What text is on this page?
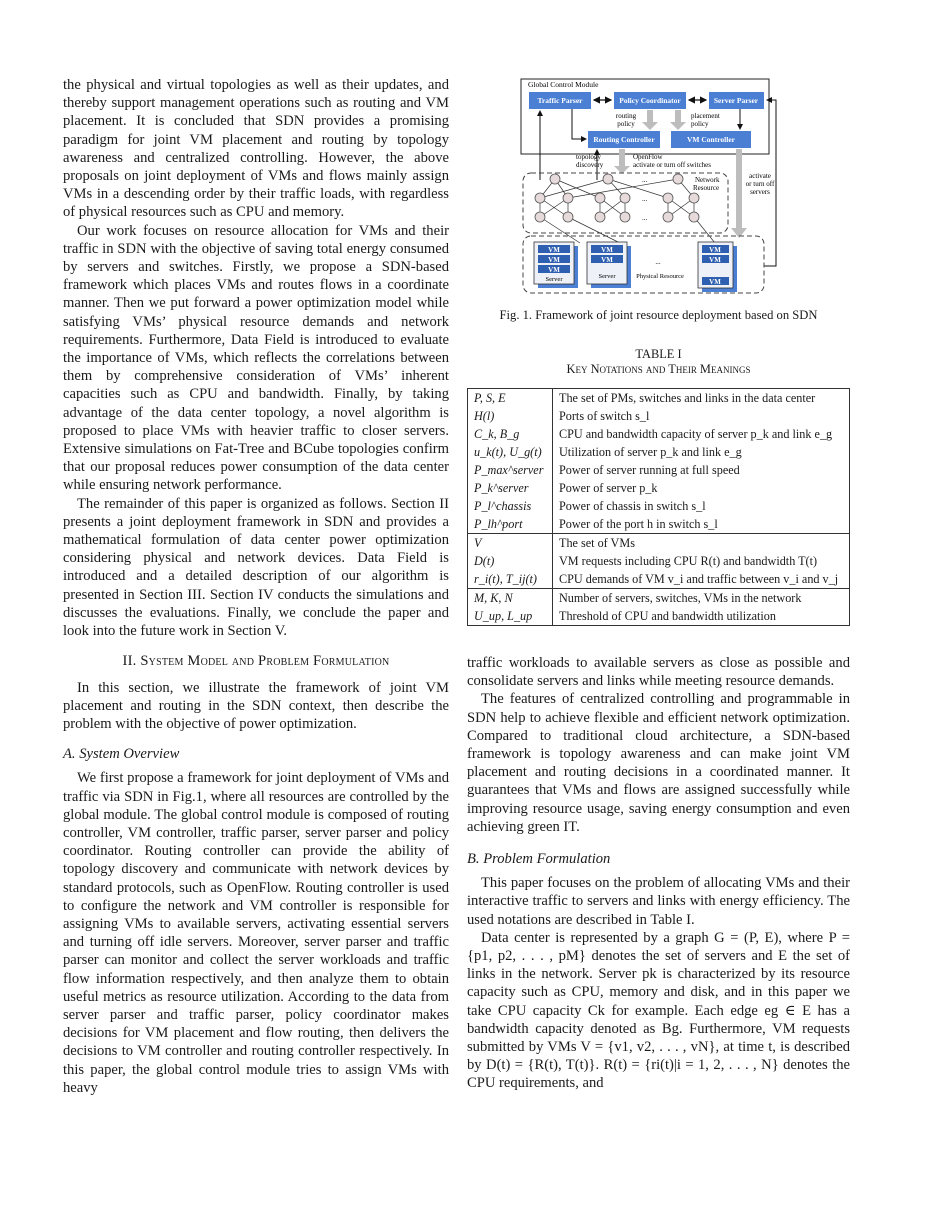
the physical and virtual topologies as well as their updates, and thereby support management operations such as routing and VM placement. It is concluded that SDN provides a promising paradigm for joint VM placement and routing by topology awareness and centralized controlling. However, the above proposals on joint deployment of VMs and flows mainly assign VMs in a descending order by their traffic loads, with regardless of physical resources such as CPU and memory.

Our work focuses on resource allocation for VMs and their traffic in SDN with the objective of saving total energy consumed by servers and switches. Firstly, we propose a SDN-based framework which places VMs and routes flows in a coordinate manner. Then we put forward a power optimization model while satisfying VMs’ physical resource demands and network requirements. Furthermore, Data Field is introduced to evaluate the importance of VMs, which reflects the correlations between them by comprehensive consideration of VMs’ inherent capacities such as CPU and bandwidth. Finally, by taking advantage of the data center topology, a novel algorithm is proposed to place VMs with heavier traffic to closer servers. Extensive simulations on Fat-Tree and BCube topologies confirm that our proposal reduces power consumption of the data center while ensuring network performance.

The remainder of this paper is organized as follows. Section II presents a joint deployment framework in SDN and provides a mathematical formulation of data center power optimization considering physical and network devices. Data Field is introduced and a detailed description of our algorithm is presented in Section III. Section IV conducts the simulations and discusses the evaluations. Finally, we conclude the paper and look into the future work in Section V.

II. System Model and Problem Formulation

In this section, we illustrate the framework of joint VM placement and routing in the SDN context, then describe the problem with the objective of power optimization.

A. System Overview

We first propose a framework for joint deployment of VMs and traffic via SDN in Fig.1, where all resources are controlled by the global module. The global control module is composed of routing controller, VM controller, traffic parser, server parser and policy coordinator. Routing controller can provide the ability of topology discovery and communicate with network devices by standard protocols, such as OpenFlow. Routing controller is used to configure the network and VM controller is responsible for assigning VMs to available servers, activating essential servers and turning off idle servers. Moreover, server parser and traffic parser can monitor and collect the server workloads and traffic flow information respectively, and then analyze them to obtain useful metrics as resource utilization. According to the data from server parser and traffic parser, policy coordinator makes decisions for VM placement and flow routing, then delivers the decisions to VM controller and routing controller respectively. In this paper, the global control module tries to assign VMs with heavy

Global Control Module
Traffic Parser	Policy Coordinator	Server Parser
Routing Controller	VM Controller
routing
policy
placement
policy
topology
discovery
OpenFlow
activate or turn off switches
activate
or turn off
servers
Network
Resource
...
...
...
VM
VM
VM
Server
VM
VM
Server
...
Physical Resource
VM
VM
VM
Fig. 1. Framework of joint resource deployment based on SDN
TABLE I
Key Notations and Their Meanings
P, S, E	The set of PMs, switches and links in the data center
H(l)	Ports of switch s_l
C_k, B_g	CPU and bandwidth capacity of server p_k and link e_g
u_k(t), U_g(t)	Utilization of server p_k and link e_g
P_max^server	Power of server running at full speed
P_k^server	Power of server p_k
P_l^chassis	Power of chassis in switch s_l
P_lh^port	Power of the port h in switch s_l
V	The set of VMs
D(t)	VM requests including CPU R(t) and bandwidth T(t)
r_i(t), T_ij(t)	CPU demands of VM v_i and traffic between v_i and v_j
M, K, N	Number of servers, switches, VMs in the network
U_up, L_up	Threshold of CPU and bandwidth utilization

traffic workloads to available servers as close as possible and consolidate servers and links while meeting resource demands.

The features of centralized controlling and programmable in SDN help to achieve flexible and efficient network optimization. Compared to traditional cloud architecture, a SDN-based framework is topology awareness and can make joint VM placement and routing decisions in a coordinated manner. It guarantees that VMs and flows are assigned successfully while improving resource usage, saving energy consumption and even achieving green IT.

B. Problem Formulation

This paper focuses on the problem of allocating VMs and their interactive traffic to servers and links with energy efficiency. The used notations are described in Table I.

Data center is represented by a graph G = (P, E), where P = {p1, p2, . . . , pM} denotes the set of servers and E the set of links in the network. Server pk is characterized by its resource capacity such as CPU, memory and disk, and in this paper we take CPU capacity Ck for example. Each edge eg ∈ E has a bandwidth capacity denoted as Bg. Furthermore, VM requests submitted by VMs V = {v1, v2, . . . , vN}, at time t, is described by D(t) = {R(t), T(t)}. R(t) = {ri(t)|i = 1, 2, . . . , N} denotes the CPU requirements, and
